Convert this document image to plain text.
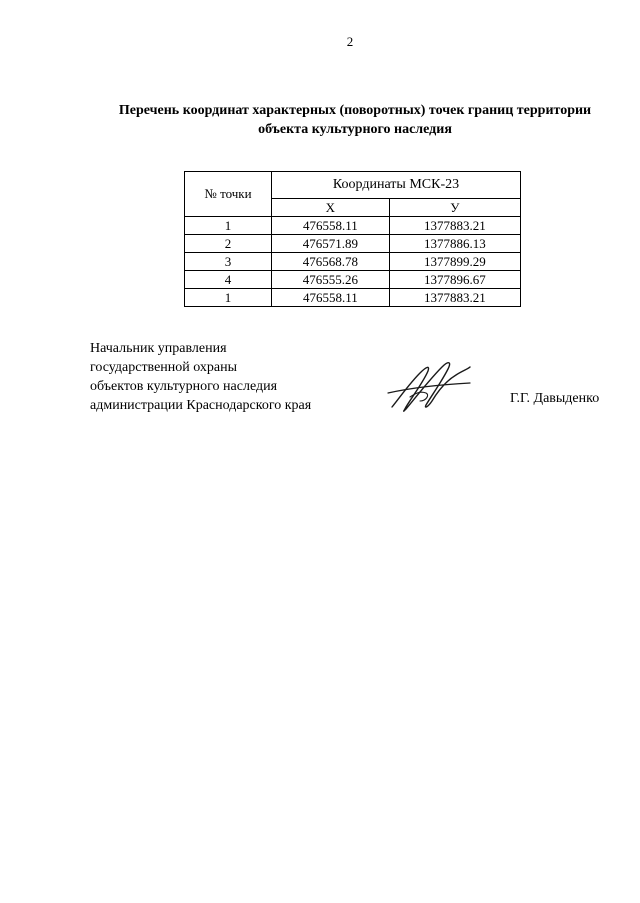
2
Перечень координат характерных (поворотных) точек границ территории
объекта культурного наследия
№ точки	Координаты МСК-23	
	Х	У
1	476558.11	1377883.21
2	476571.89	1377886.13
3	476568.78	1377899.29
4	476555.26	1377896.67
1	476558.11	1377883.21
Начальник управления
государственной охраны
объектов культурного наследия
администрации Краснодарского края	Г.Г. Давыденко
